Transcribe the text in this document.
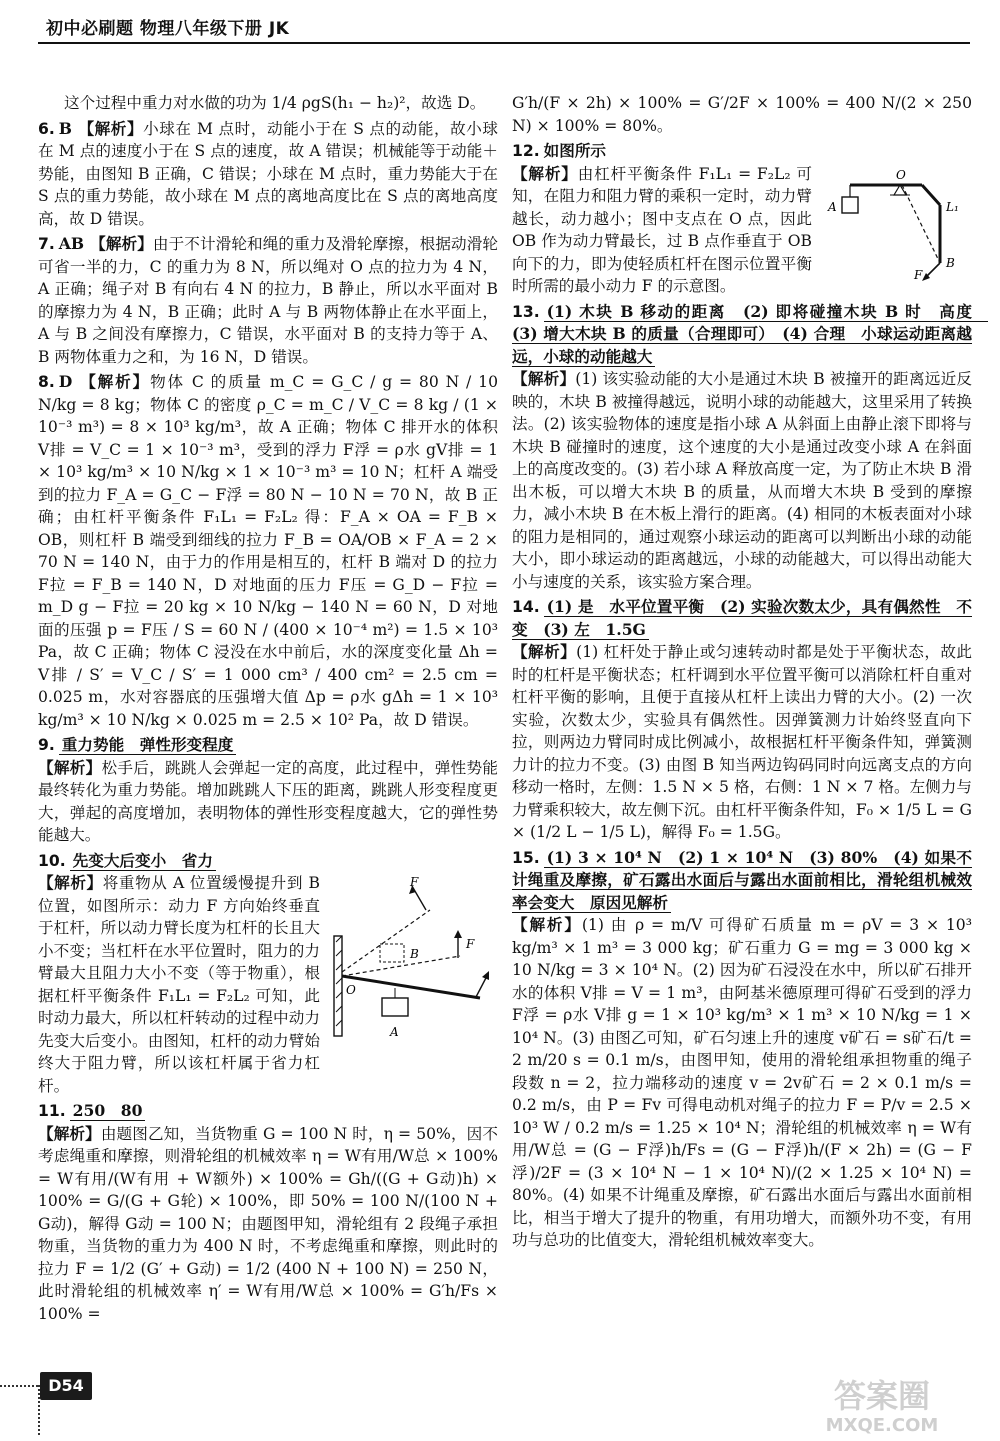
初中必刷题 物理八年级下册 JK
这个过程中重力对水做的功为 1/4 ρgS(h₁ − h₂)²，故选 D。
6. B 【解析】小球在 M 点时，动能小于在 S 点的动能，故小球在 M 点的速度小于在 S 点的速度，故 A 错误；机械能等于动能＋势能，由图知 B 正确，C 错误；小球在 M 点时，重力势能大于在 S 点的重力势能，故小球在 M 点的离地高度比在 S 点的离地高度高，故 D 错误。
7. AB 【解析】由于不计滑轮和绳的重力及滑轮摩擦，根据动滑轮可省一半的力，C 的重力为 8 N，所以绳对 O 点的拉力为 4 N，A 正确；绳子对 B 有向右 4 N 的拉力，B 静止，所以水平面对 B 的摩擦力为 4 N，B 正确；此时 A 与 B 两物体静止在水平面上，A 与 B 之间没有摩擦力，C 错误，水平面对 B 的支持力等于 A、B 两物体重力之和，为 16 N，D 错误。
8. D 【解析】物体 C 的质量 m_C = G_C / g = 80 N / 10 N/kg = 8 kg；物体 C 的密度 ρ_C = m_C / V_C = 8 kg / (1 × 10⁻³ m³) = 8 × 10³ kg/m³，故 A 正确；物体 C 排开水的体积 V排 = V_C = 1 × 10⁻³ m³，受到的浮力 F浮 = ρ水 gV排 = 1 × 10³ kg/m³ × 10 N/kg × 1 × 10⁻³ m³ = 10 N；杠杆 A 端受到的拉力 F_A = G_C − F浮 = 80 N − 10 N = 70 N，故 B 正确；由杠杆平衡条件 F₁L₁ = F₂L₂ 得：F_A × OA = F_B × OB，则杠杆 B 端受到细线的拉力 F_B = OA/OB × F_A = 2 × 70 N = 140 N，由于力的作用是相互的，杠杆 B 端对 D 的拉力 F拉 = F_B = 140 N，D 对地面的压力 F压 = G_D − F拉 = m_D g − F拉 = 20 kg × 10 N/kg − 140 N = 60 N，D 对地面的压强 p = F压 / S = 60 N / (400 × 10⁻⁴ m²) = 1.5 × 10³ Pa，故 C 正确；物体 C 浸没在水中前后，水的深度变化量 Δh = V排 / S′ = V_C / S′ = 1 000 cm³ / 400 cm² = 2.5 cm = 0.025 m，水对容器底的压强增大值 Δp = ρ水 gΔh = 1 × 10³ kg/m³ × 10 N/kg × 0.025 m = 2.5 × 10² Pa，故 D 错误。
9. 重力势能　弹性形变程度
【解析】松手后，跳跳人会弹起一定的高度，此过程中，弹性势能最终转化为重力势能。增加跳跳人下压的距离，跳跳人形变程度更大，弹起的高度增加，表明物体的弹性形变程度越大，它的弹性势能越大。
10. 先变大后变小　省力

F
F
B
O
A
【解析】将重物从 A 位置缓慢提升到 B 位置，如图所示：动力 F 方向始终垂直于杠杆，所以动力臂长度为杠杆的长且大小不变；当杠杆在水平位置时，阻力的力臂最大且阻力大小不变（等于物重），根据杠杆平衡条件 F₁L₁ = F₂L₂ 可知，此时动力最大，所以杠杆转动的过程中动力先变大后变小。由图知，杠杆的动力臂始终大于阻力臂，所以该杠杆属于省力杠杆。
11. 250　80
【解析】由题图乙知，当货物重 G = 100 N 时，η = 50%，因不考虑绳重和摩擦，则滑轮组的机械效率 η = W有用/W总 × 100% = W有用/(W有用 + W额外) × 100% = Gh/((G + G动)h) × 100% = G/(G + G轮) × 100%，即 50% = 100 N/(100 N + G动)，解得 G动 = 100 N；由题图甲知，滑轮组有 2 段绳子承担物重，当货物的重力为 400 N 时，不考虑绳重和摩擦，则此时的拉力 F = 1/2 (G′ + G动) = 1/2 (400 N + 100 N) = 250 N，此时滑轮组的机械效率 η′ = W有用/W总 × 100% = G′h/Fs × 100% =
G′h/(F × 2h) × 100% = G′/2F × 100% = 400 N/(2 × 250 N) × 100% = 80%。
12. 如图所示

O
L₁
A
B
F
【解析】由杠杆平衡条件 F₁L₁ = F₂L₂ 可知，在阻力和阻力臂的乘积一定时，动力臂越长，动力越小；图中支点在 O 点，因此 OB 作为动力臂最长，过 B 点作垂直于 OB 向下的力，即为使轻质杠杆在图示位置平衡时所需的最小动力 F 的示意图。
13. (1) 木块 B 移动的距离　(2) 即将碰撞木块 B 时　高度　(3) 增大木块 B 的质量（合理即可）　(4) 合理　小球运动距离越远，小球的动能越大
【解析】(1) 该实验动能的大小是通过木块 B 被撞开的距离远近反映的，木块 B 被撞得越远，说明小球的动能越大，这里采用了转换法。(2) 该实验物体的速度是指小球 A 从斜面上由静止滚下即将与木块 B 碰撞时的速度，这个速度的大小是通过改变小球 A 在斜面上的高度改变的。(3) 若小球 A 释放高度一定，为了防止木块 B 滑出木板，可以增大木块 B 的质量，从而增大木块 B 受到的摩擦力，减小木块 B 在木板上滑行的距离。(4) 相同的木板表面对小球的阻力是相同的，通过观察小球运动的距离可以判断出小球的动能大小，即小球运动的距离越远，小球的动能越大，可以得出动能大小与速度的关系，该实验方案合理。
14. (1) 是　水平位置平衡　(2) 实验次数太少，具有偶然性　不变　(3) 左　1.5G
【解析】(1) 杠杆处于静止或匀速转动时都是处于平衡状态，故此时的杠杆是平衡状态；杠杆调到水平位置平衡可以消除杠杆自重对杠杆平衡的影响，且便于直接从杠杆上读出力臂的大小。(2) 一次实验，次数太少，实验具有偶然性。因弹簧测力计始终竖直向下拉，则两边力臂同时成比例减小，故根据杠杆平衡条件知，弹簧测力计的拉力不变。(3) 由图 B 知当两边钩码同时向远离支点的方向移动一格时，左侧：1.5 N × 5 格，右侧：1 N × 7 格。左侧力与力臂乘积较大，故左侧下沉。由杠杆平衡条件知，F₀ × 1/5 L = G × (1/2 L − 1/5 L)，解得 F₀ = 1.5G。
15. (1) 3 × 10⁴ N　(2) 1 × 10⁴ N　(3) 80%　(4) 如果不计绳重及摩擦，矿石露出水面后与露出水面前相比，滑轮组机械效率会变大　原因见解析
【解析】(1) 由 ρ = m/V 可得矿石质量 m = ρV = 3 × 10³ kg/m³ × 1 m³ = 3 000 kg；矿石重力 G = mg = 3 000 kg × 10 N/kg = 3 × 10⁴ N。(2) 因为矿石浸没在水中，所以矿石排开水的体积 V排 = V = 1 m³，由阿基米德原理可得矿石受到的浮力 F浮 = ρ水 V排 g = 1 × 10³ kg/m³ × 1 m³ × 10 N/kg = 1 × 10⁴ N。(3) 由图乙可知，矿石匀速上升的速度 v矿石 = s矿石/t = 2 m/20 s = 0.1 m/s，由图甲知，使用的滑轮组承担物重的绳子段数 n = 2，拉力端移动的速度 v = 2v矿石 = 2 × 0.1 m/s = 0.2 m/s，由 P = Fv 可得电动机对绳子的拉力 F = P/v = 2.5 × 10³ W / 0.2 m/s = 1.25 × 10⁴ N；滑轮组的机械效率 η = W有用/W总 = (G − F浮)h/Fs = (G − F浮)h/(F × 2h) = (G − F浮)/2F = (3 × 10⁴ N − 1 × 10⁴ N)/(2 × 1.25 × 10⁴ N) = 80%。(4) 如果不计绳重及摩擦，矿石露出水面后与露出水面前相比，相当于增大了提升的物重，有用功增大，而额外功不变，有用功与总功的比值变大，滑轮组机械效率变大。
D54	答案圈
MXQE.COM
